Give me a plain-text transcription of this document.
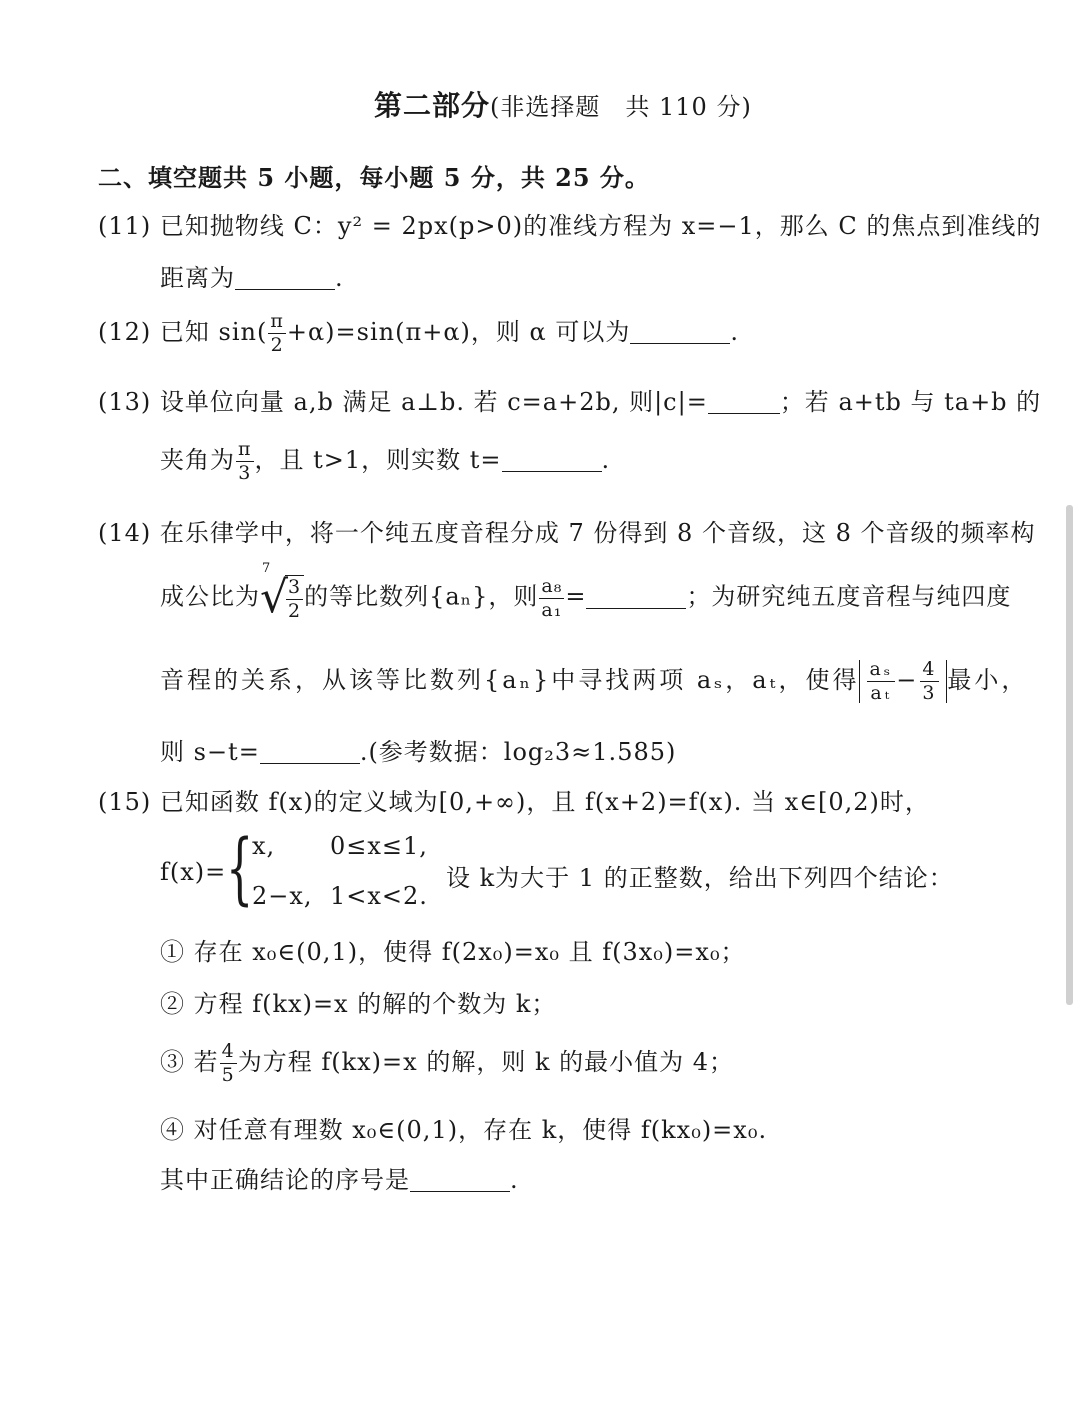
第二部分(非选择题　共 110 分)
二、填空题共 5 小题，每小题 5 分，共 25 分。
(11) 已知抛物线 C：y² = 2px(p>0)的准线方程为 x=−1，那么 C 的焦点到准线的
距离为	.
(12) 已知 $\sin( \frac{\pi}{2} +\alpha)=\sin(\pi+\alpha)$，则 α 可以为	.
(13) 设单位向量 a,b 满足 a⊥b. 若 c=a+2b, 则|c|=	；若 a+tb 与 ta+b 的
夹角为 $\frac{\pi}{3}$ ，且 t>1，则实数 t=	.
(14) 在乐律学中，将一个纯五度音程分成 7 份得到 8 个音级，这 8 个音级的频率构
成公比为
7
√
$\frac{3}{2}$ 的等比数列{aₙ}，则 $\frac{\text{a₈}}{\text{a₁}}$ =	；为研究纯五度音程与纯四度
音程的关系，从该等比数列{aₙ}中寻找两项 aₛ，aₜ，使得 $\frac{\text{aₛ}}{\text{aₜ}} - \frac{4}{3}$ 最小，
则 s−t=	.(参考数据：log₂3≈1.585)
(15) 已知函数 f(x)的定义域为[0,+∞)，且 f(x+2)=f(x). 当 x∈[0,2)时，
f(x)= {
x, 0≤x≤1,
2−x, 1<x<2.
设 k为大于 1 的正整数，给出下列四个结论：
① 存在 x₀∈(0,1)，使得 f(2x₀)=x₀ 且 f(3x₀)=x₀；
② 方程 f(kx)=x 的解的个数为 k；
③ 若 $\frac{4}{5}$ 为方程 f(kx)=x 的解，则 k 的最小值为 4；
④ 对任意有理数 x₀∈(0,1)，存在 k，使得 f(kx₀)=x₀.
其中正确结论的序号是	.
